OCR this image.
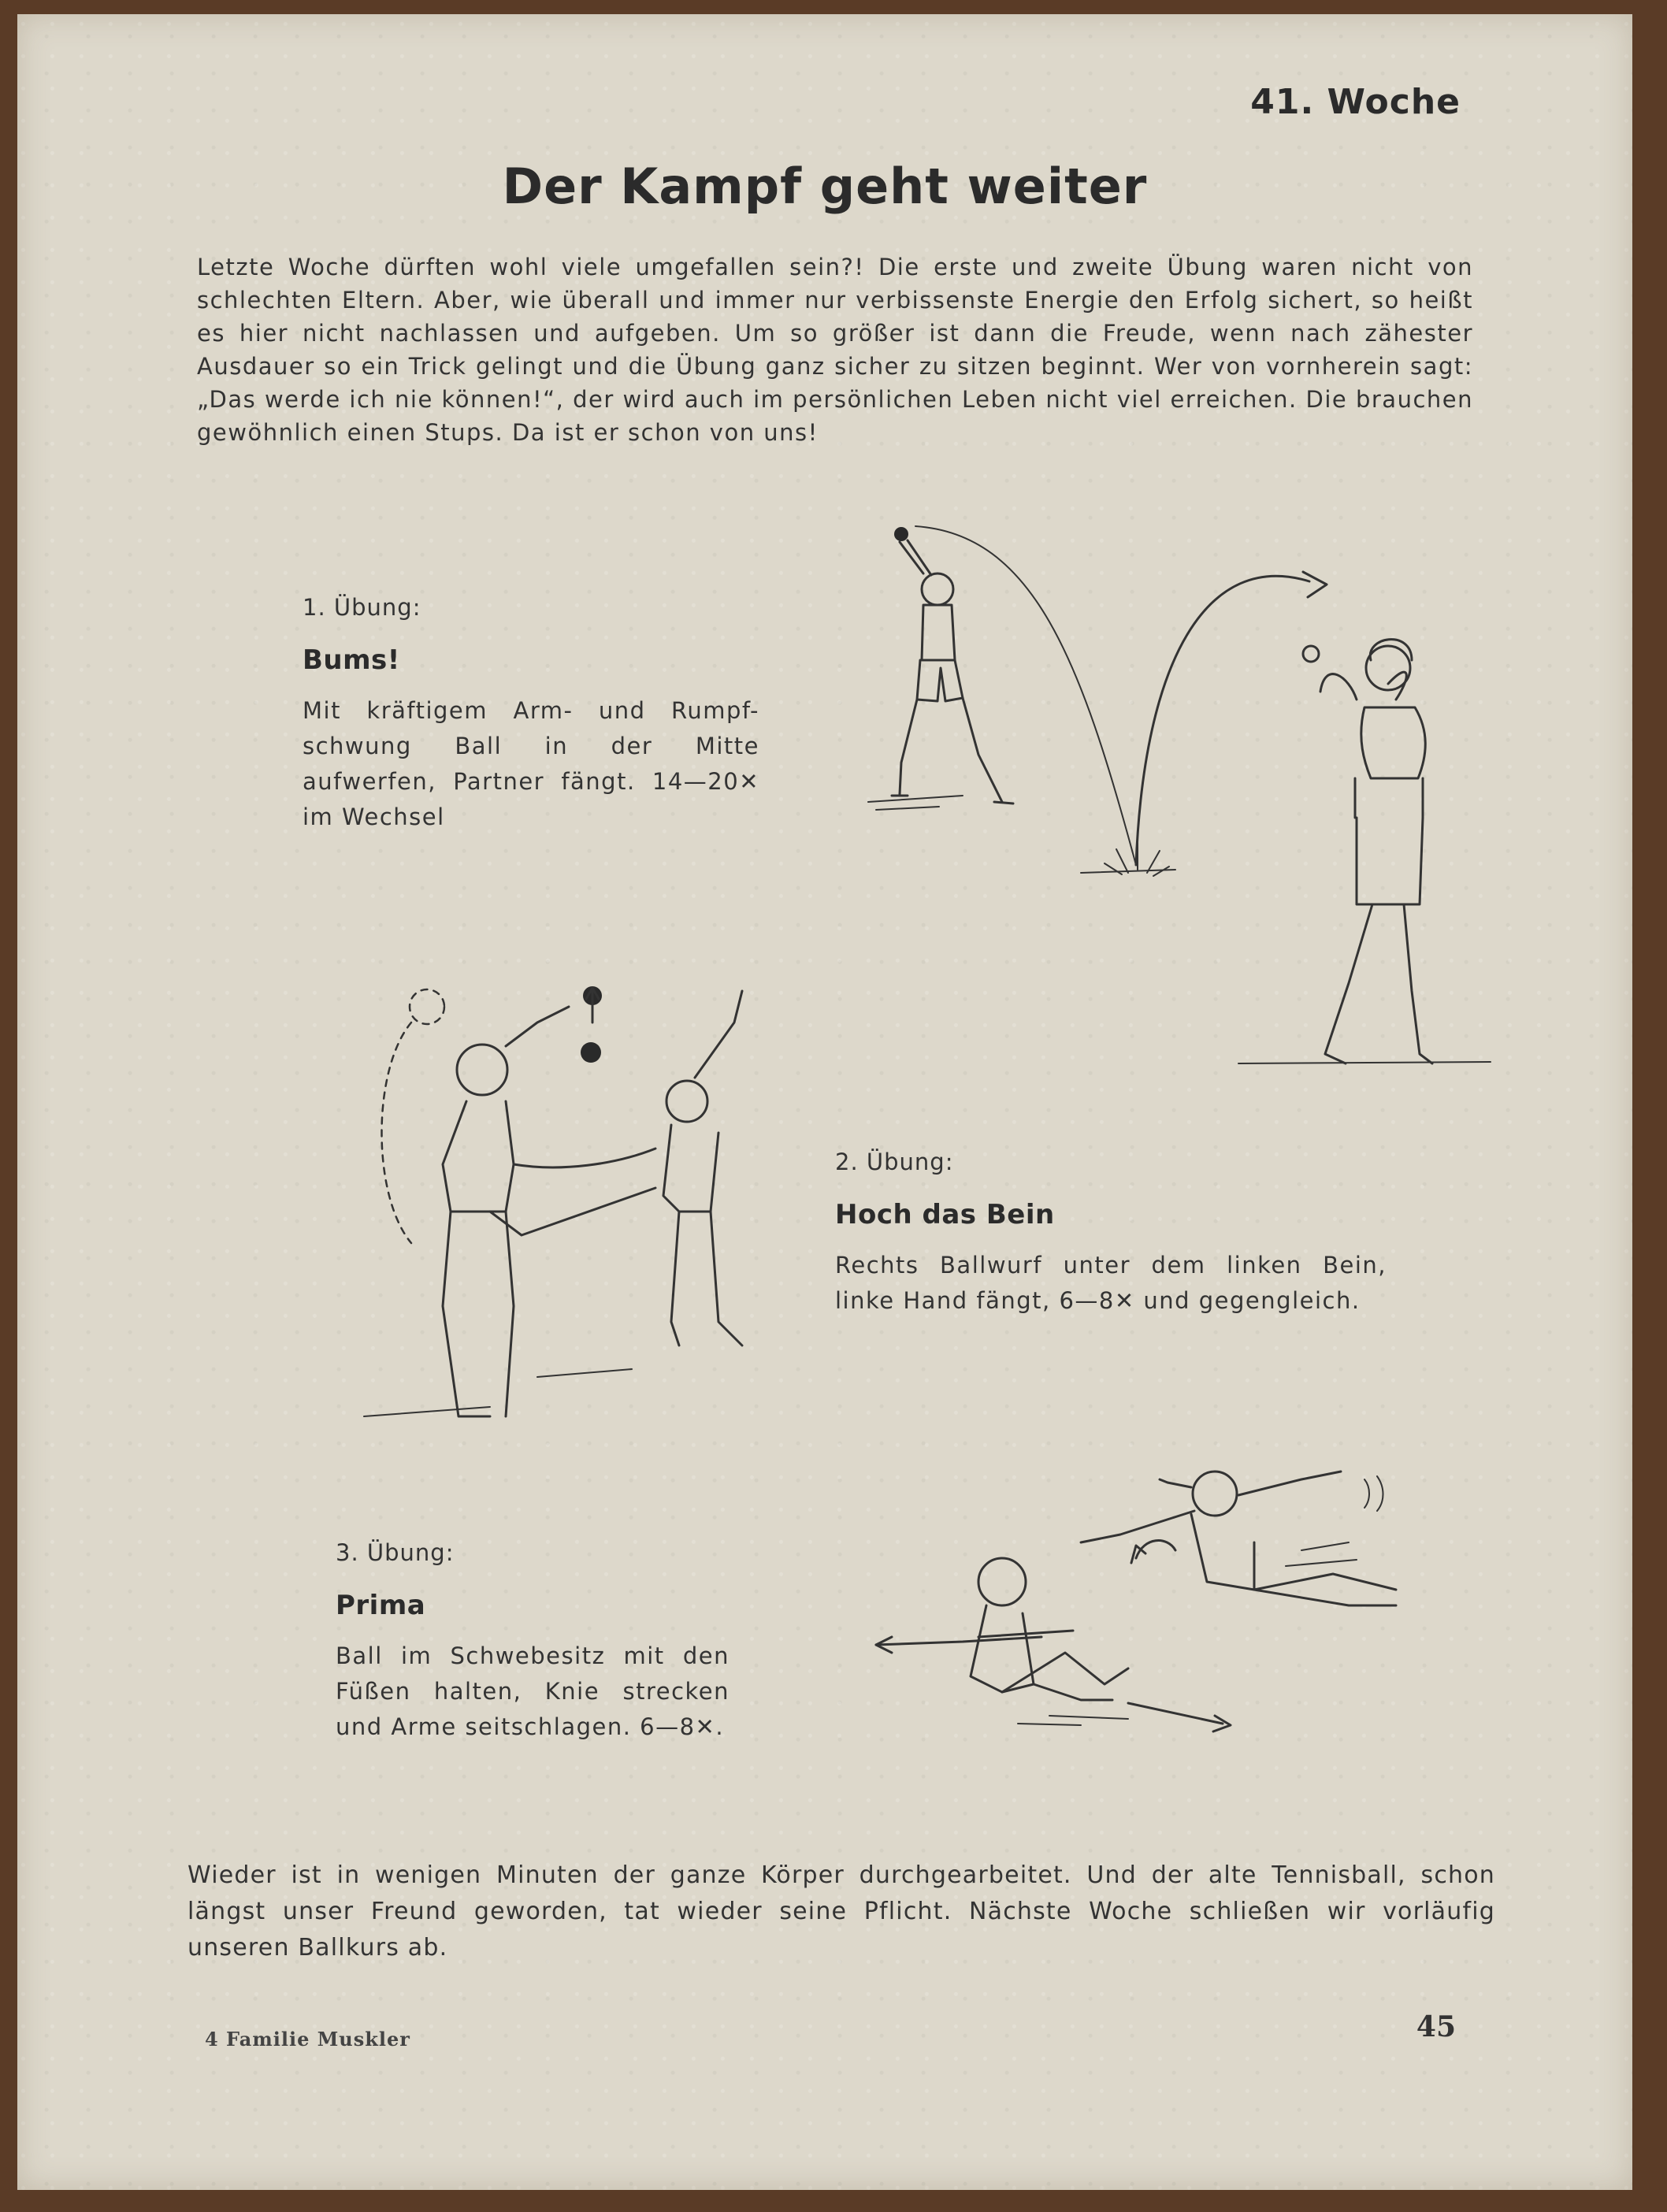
41. Woche
Der Kampf geht weiter
Letzte Woche dürften wohl viele umgefallen sein?! Die erste und zweite Übung waren nicht von schlechten Eltern. Aber, wie überall und immer nur verbissenste Energie den Erfolg sichert, so heißt es hier nicht nachlassen und aufgeben. Um so größer ist dann die Freude, wenn nach zähester Ausdauer so ein Trick gelingt und die Übung ganz sicher zu sitzen beginnt. Wer von vornherein sagt: „Das werde ich nie können!“, der wird auch im persönlichen Leben nicht viel erreichen. Die brauchen gewöhnlich einen Stups. Da ist er schon von uns!
1. Übung:
Bums!
Mit kräftigem Arm- und Rumpf-schwung Ball in der Mitte aufwerfen, Partner fängt. 14—20✕ im Wechsel
2. Übung:
Hoch das Bein
Rechts Ballwurf unter dem linken Bein, linke Hand fängt, 6—8✕ und gegengleich.
3. Übung:
Prima
Ball im Schwebesitz mit den Füßen halten, Knie strecken und Arme seitschlagen. 6—8✕.
Wieder ist in wenigen Minuten der ganze Körper durchgearbeitet. Und der alte Tennisball, schon längst unser Freund geworden, tat wieder seine Pflicht. Nächste Woche schließen wir vorläufig unseren Ballkurs ab.
4 Familie Muskler	45
